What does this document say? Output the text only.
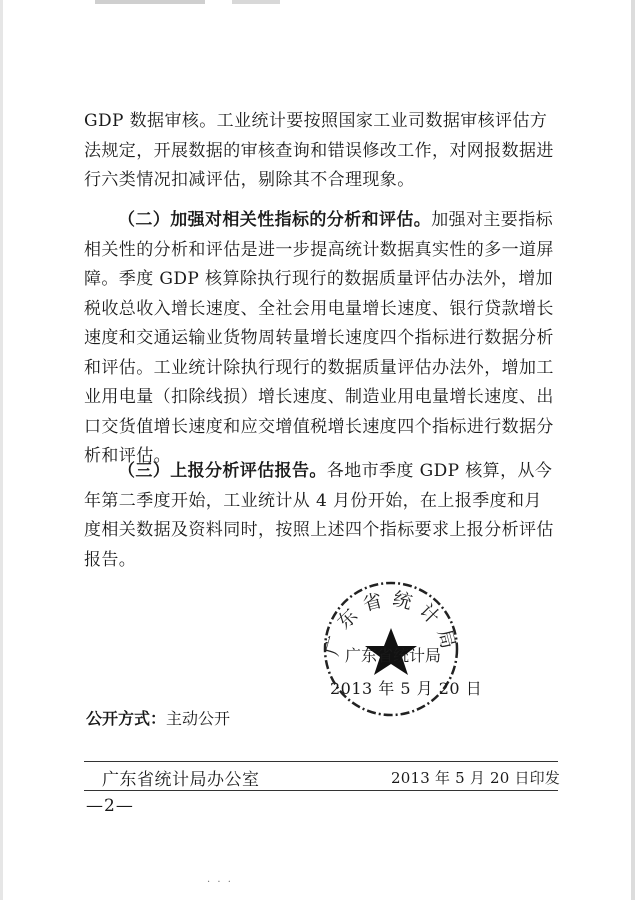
GDP 数据审核。工业统计要按照国家工业司数据审核评估方法规定，开展数据的审核查询和错误修改工作，对网报数据进行六类情况扣减评估，剔除其不合理现象。
（二）加强对相关性指标的分析和评估。加强对主要指标相关性的分析和评估是进一步提高统计数据真实性的多一道屏障。季度 GDP 核算除执行现行的数据质量评估办法外，增加税收总收入增长速度、全社会用电量增长速度、银行贷款增长速度和交通运输业货物周转量增长速度四个指标进行数据分析和评估。工业统计除执行现行的数据质量评估办法外，增加工业用电量（扣除线损）增长速度、制造业用电量增长速度、出口交货值增长速度和应交增值税增长速度四个指标进行数据分析和评估。
（三）上报分析评估报告。各地市季度 GDP 核算，从今年第二季度开始，工业统计从 4 月份开始，在上报季度和月度相关数据及资料同时，按照上述四个指标要求上报分析评估报告。
广东省统计局
广东省统计局
2013 年 5 月 20 日
公开方式：主动公开
广东省统计局办公室	2013 年 5 月 20 日印发
—2—
· · ·
